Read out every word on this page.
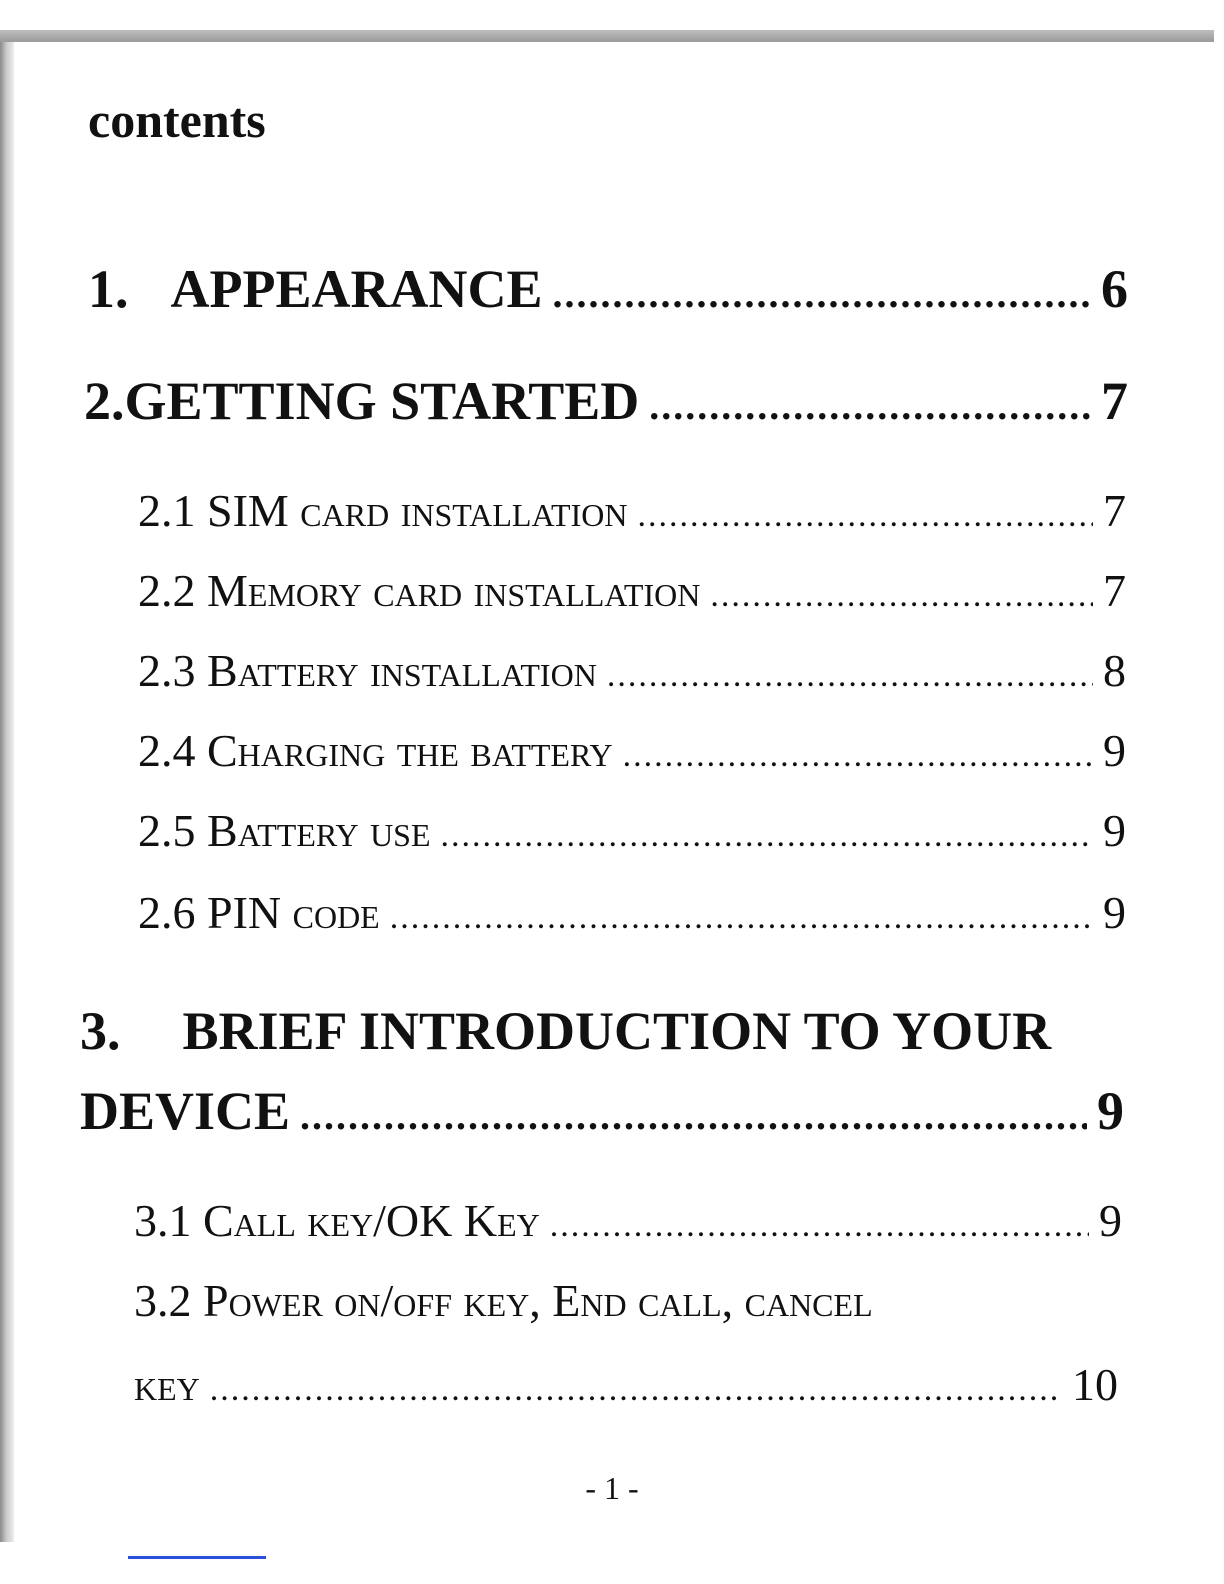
contents
1. APPEARANCE .....	6
2.GETTING STARTED .....	7
2.1 SIM card installation .....	7
2.2 Memory card installation .....	7
2.3 Battery installation .....	8
2.4 Charging the battery .....	9
2.5 Battery use .....	9
2.6 PIN code .....	9
3. BRIEF INTRODUCTION TO YOUR
DEVICE .....	9
3.1 Call key/OK Key .....	9
3.2 Power on/off key, End call, cancel
key .....	10
- 1 -
